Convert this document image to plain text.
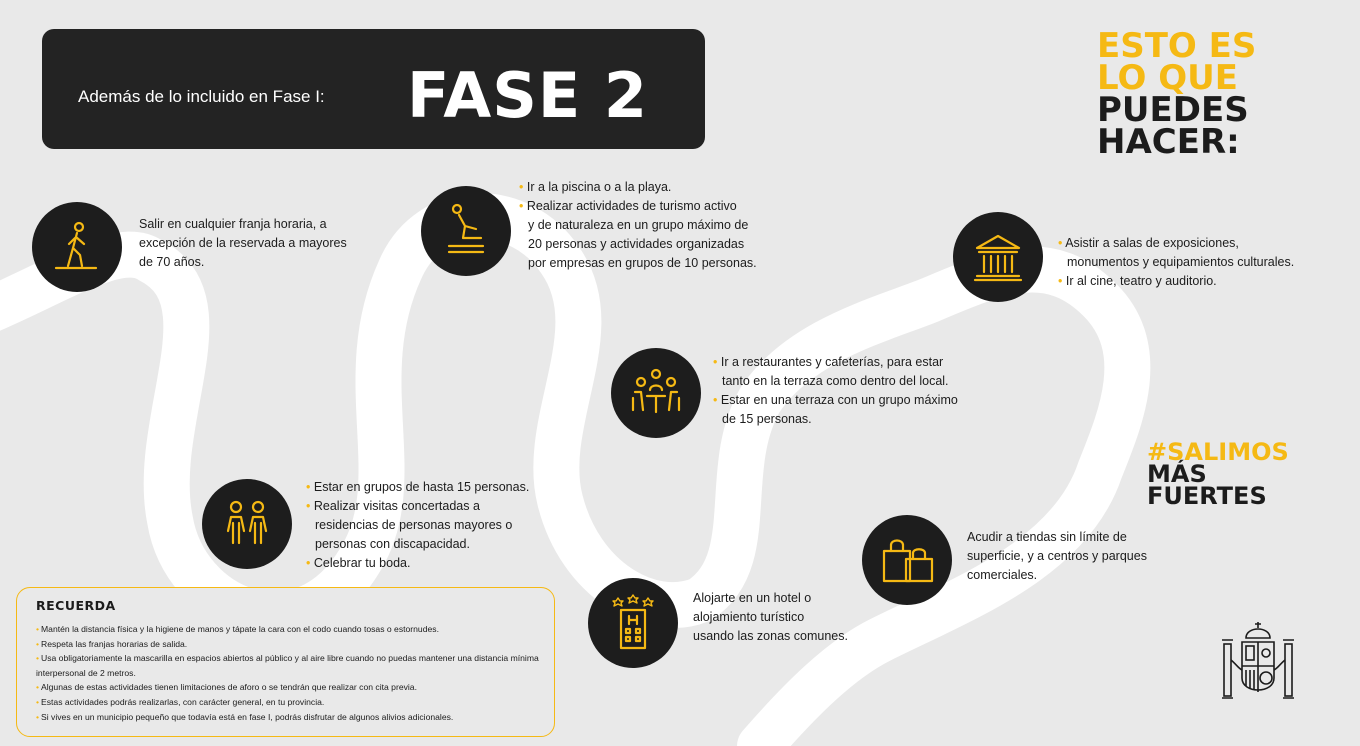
Además de lo incluido en Fase I: FASE 2
ESTO ES
LO QUE
PUEDES
HACER:
#SALIMOS
MÁS
FUERTES
Salir en cualquier franja horaria, a
excepción de la reservada a mayores
de 70 años.
• Ir a la piscina o a la playa.
• Realizar actividades de turismo activo
y de naturaleza en un grupo máximo de
20 personas y actividades organizadas
por empresas en grupos de 10 personas.
• Asistir a salas de exposiciones,
monumentos y equipamientos culturales.
• Ir al cine, teatro y auditorio.
• Ir a restaurantes y cafeterías, para estar
tanto en la terraza como dentro del local.
• Estar en una terraza con un grupo máximo
de 15 personas.
• Estar en grupos de hasta 15 personas.
• Realizar visitas concertadas a
residencias de personas mayores o
personas con discapacidad.
• Celebrar tu boda.
Acudir a tiendas sin límite de
superficie, y a centros y parques
comerciales.
Alojarte en un hotel o
alojamiento turístico
usando las zonas comunes.
RECUERDA
• Mantén la distancia física y la higiene de manos y tápate la cara con el codo cuando tosas o estornudes.
• Respeta las franjas horarias de salida.
• Usa obligatoriamente la mascarilla en espacios abiertos al público y al aire libre cuando no puedas mantener una distancia mínima interpersonal de 2 metros.
• Algunas de estas actividades tienen limitaciones de aforo o se tendrán que realizar con cita previa.
• Estas actividades podrás realizarlas, con carácter general, en tu provincia.
• Si vives en un municipio pequeño que todavía está en fase I, podrás disfrutar de algunos alivios adicionales.
